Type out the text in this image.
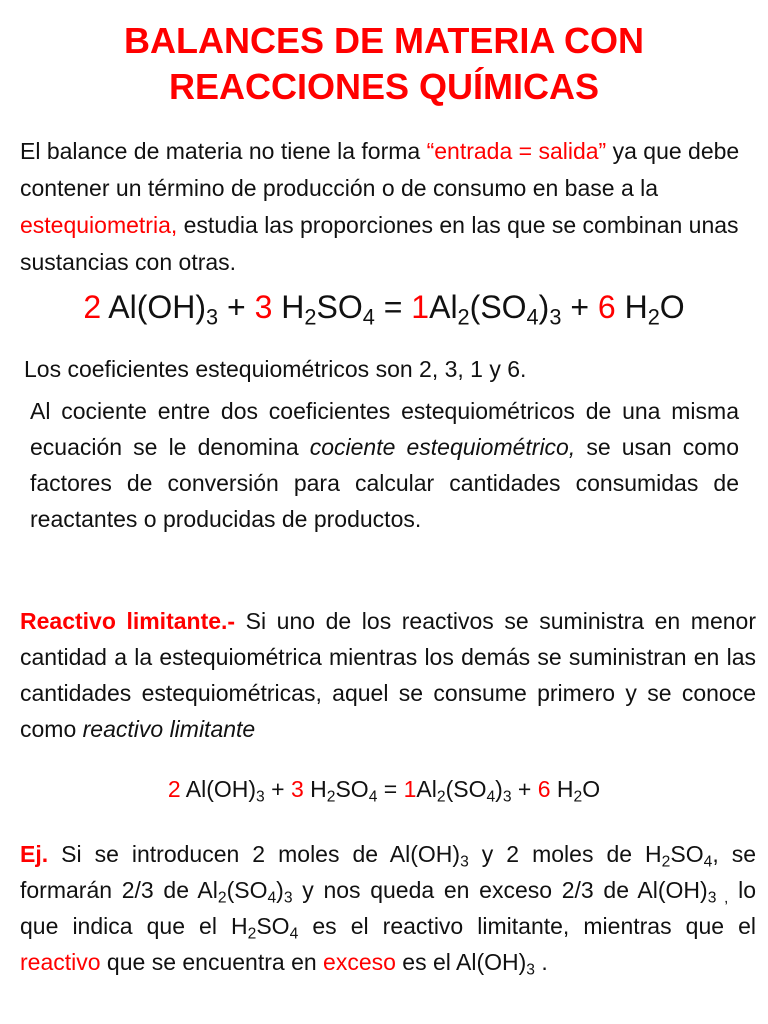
BALANCES DE MATERIA CON
REACCIONES QUÍMICAS

El balance de materia no tiene la forma “entrada = salida” ya que debe contener un término de producción o de consumo en base a la estequiometria, estudia las proporciones en las que se combinan unas sustancias con otras.

2 $Al(OH)_3 + 3$ $H_2SO_4 = 1Al_2(SO_4)_3 + 6$ $H_2O$

Los coeficientes estequiométricos son 2, 3, 1 y 6.

Al cociente entre dos coeficientes estequiométricos de una misma ecuación se le denomina cociente estequiométrico, se usan como factores de conversión para calcular cantidades consumidas de reactantes o producidas de productos.

Reactivo limitante.- Si uno de los reactivos se suministra en menor cantidad a la estequiométrica mientras los demás se suministran en las cantidades estequiométricas, aquel se consume primero y se conoce como reactivo limitante

2 $Al(OH)_3 + 3$ $H_2SO_4 = 1Al_2(SO_4)_3 + 6$ $H_2O$

Ej. Si se introducen 2 moles de $Al(OH)_3$ y 2 moles de $H_2SO_4$, se formarán 2/3 de $Al_2(SO_4)_3$ y nos queda en exceso 2/3 de $Al(OH)_{3 ,}$ lo que indica que el $H_2SO_4$ es el reactivo limitante, mientras que el reactivo que se encuentra en exceso es el $Al(OH)_3$ .
